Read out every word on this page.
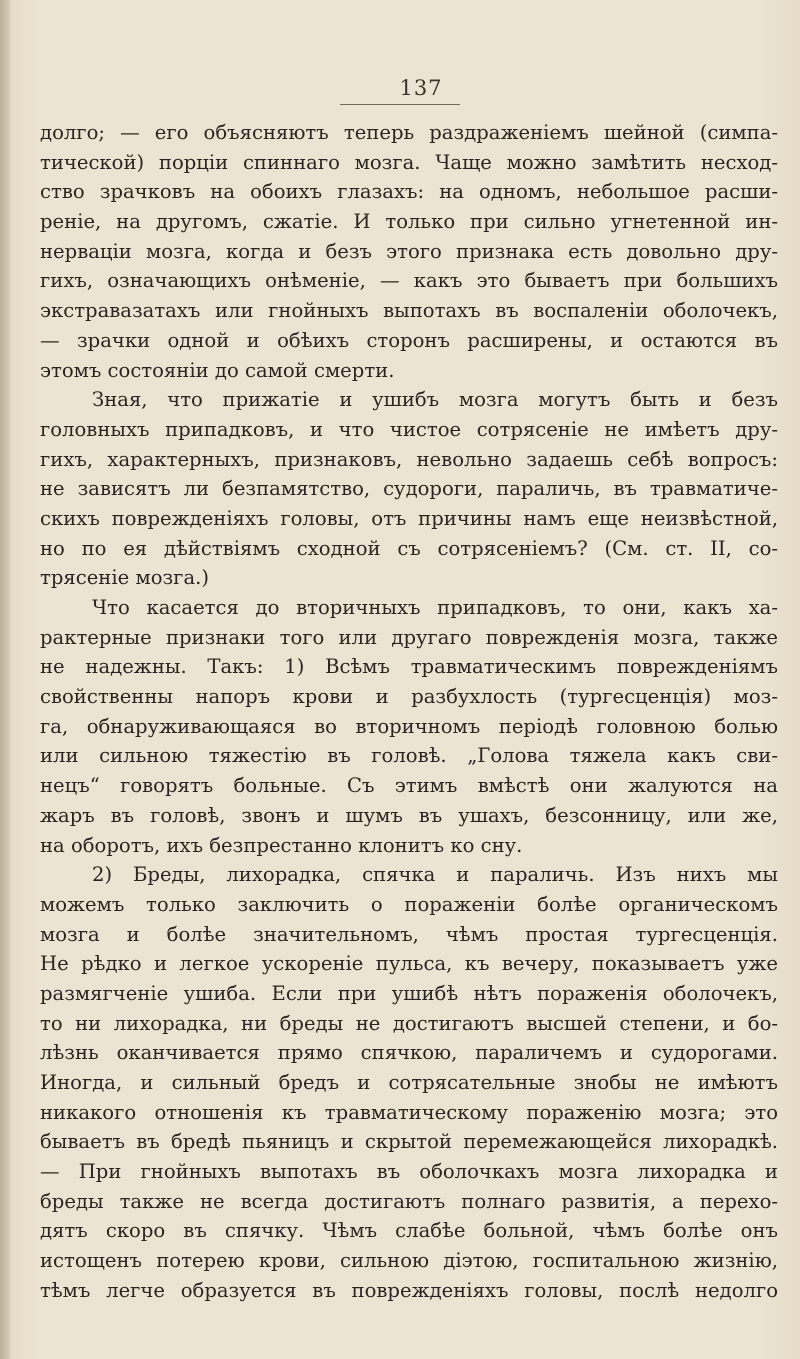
137
долго; — его объясняютъ теперь раздраженіемъ шейной (симпа-
тической) порціи спиннаго мозга. Чаще можно замѣтить несход-
ство зрачковъ на обоихъ глазахъ: на одномъ, небольшое расши-
реніе, на другомъ, сжатіе. И только при сильно угнетенной ин-
нерваціи мозга, когда и безъ этого признака есть довольно дру-
гихъ, означающихъ онѣменіе, — какъ это бываетъ при большихъ
экстравазатахъ или гнойныхъ выпотахъ въ воспаленіи оболочекъ,
— зрачки одной и обѣихъ сторонъ расширены, и остаются въ
этомъ состояніи до самой смерти.
Зная, что прижатіе и ушибъ мозга могутъ быть и безъ
головныхъ припадковъ, и что чистое сотрясеніе не имѣетъ дру-
гихъ, характерныхъ, признаковъ, невольно задаешь себѣ вопросъ:
не зависятъ ли безпамятство, судороги, параличь, въ травматиче-
скихъ поврежденіяхъ головы, отъ причины намъ еще неизвѣстной,
но по ея дѣйствіямъ сходной съ сотрясеніемъ? (См. ст. II, со-
трясеніе мозга.)
Что касается до вторичныхъ припадковъ, то они, какъ ха-
рактерные признаки того или другаго поврежденія мозга, также
не надежны. Такъ: 1) Всѣмъ травматическимъ поврежденіямъ
свойственны напоръ крови и разбухлость (тургесценція) моз-
га, обнаруживающаяся во вторичномъ періодѣ головною болью
или сильною тяжестію въ головѣ. „Голова тяжела какъ сви-
нецъ“ говорятъ больные. Съ этимъ вмѣстѣ они жалуются на
жаръ въ головѣ, звонъ и шумъ въ ушахъ, безсонницу, или же,
на оборотъ, ихъ безпрестанно клонитъ ко сну.
2) Бреды, лихорадка, спячка и параличь. Изъ нихъ мы
можемъ только заключить о пораженіи болѣе органическомъ
мозга и болѣе значительномъ, чѣмъ простая тургесценція.
Не рѣдко и легкое ускореніе пульса, къ вечеру, показываетъ уже
размягченіе ушиба. Если при ушибѣ нѣтъ пораженія оболочекъ,
то ни лихорадка, ни бреды не достигаютъ высшей степени, и бо-
лѣзнь оканчивается прямо спячкою, параличемъ и судорогами.
Иногда, и сильный бредъ и сотрясательные знобы не имѣютъ
никакого отношенія къ травматическому пораженію мозга; это
бываетъ въ бредѣ пьяницъ и скрытой перемежающейся лихорадкѣ.
— При гнойныхъ выпотахъ въ оболочкахъ мозга лихорадка и
бреды также не всегда достигаютъ полнаго развитія, а перехо-
дятъ скоро въ спячку. Чѣмъ слабѣе больной, чѣмъ болѣе онъ
истощенъ потерею крови, сильною діэтою, госпитальною жизнію,
тѣмъ легче образуется въ поврежденіяхъ головы, послѣ недолго
